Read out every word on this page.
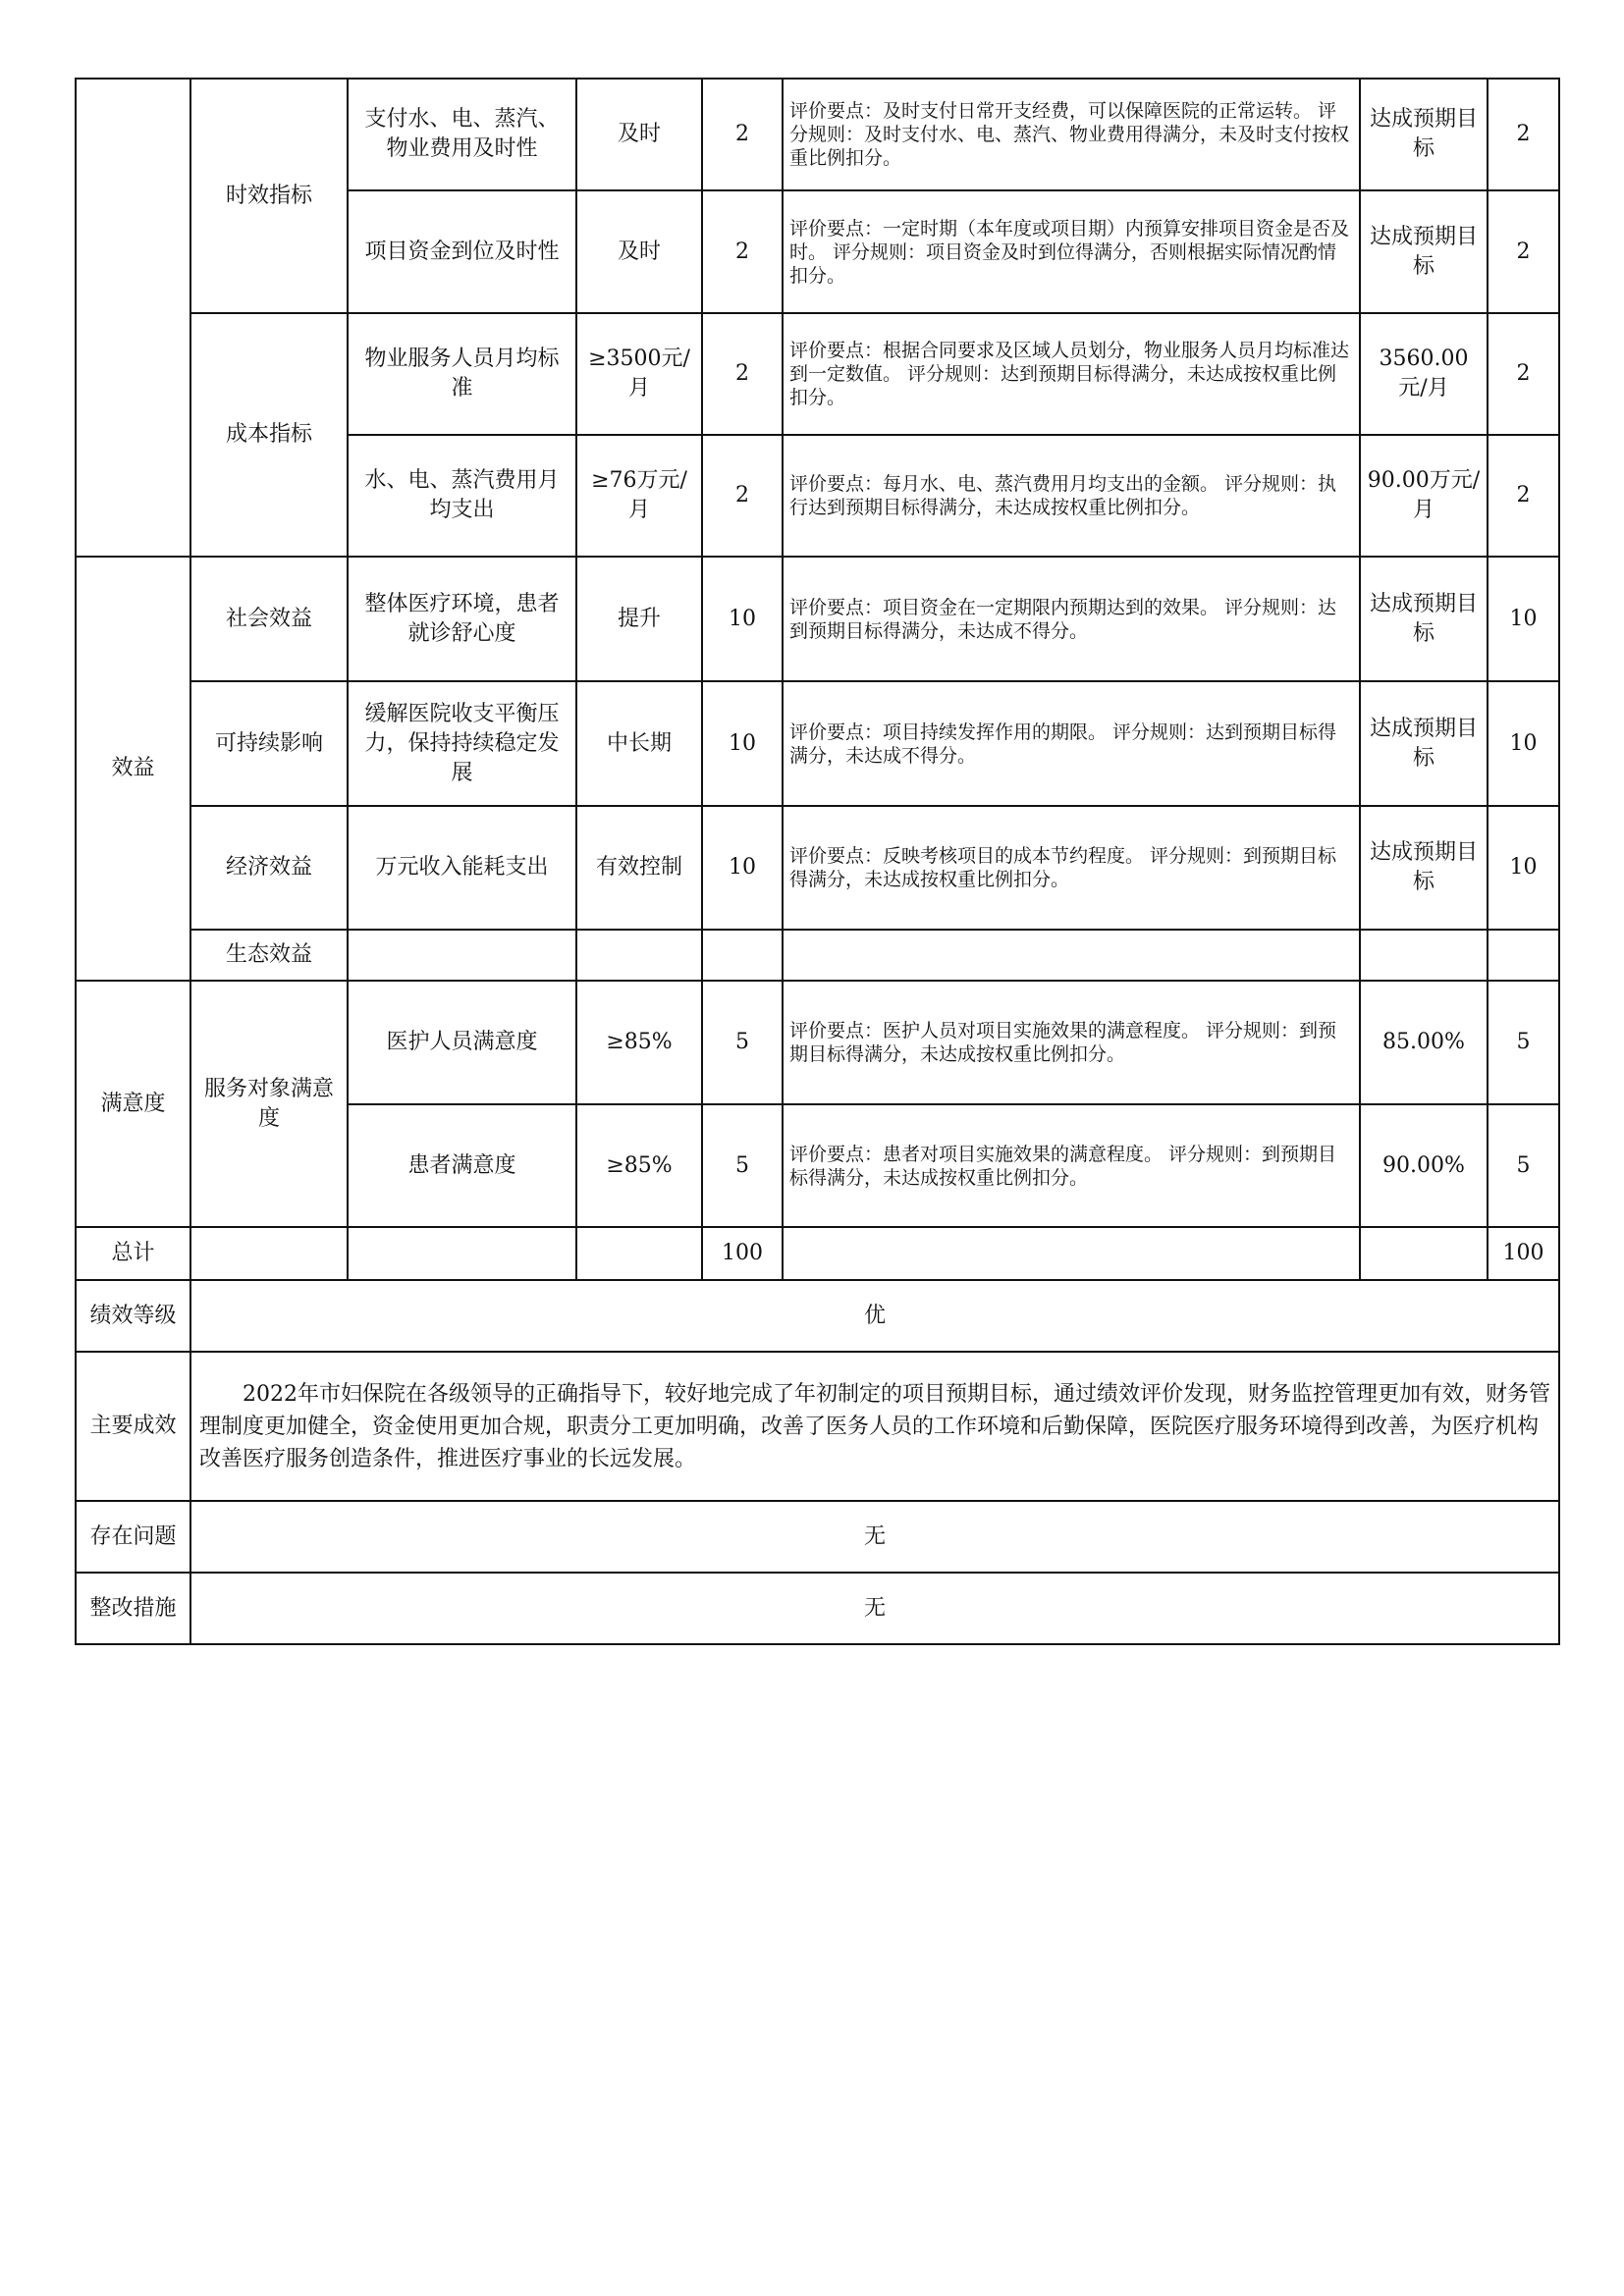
	时效指标	支付水、电、蒸汽、物业费用及时性	及时	2	评价要点：及时支付日常开支经费，可以保障医院的正常运转。 评分规则：及时支付水、电、蒸汽、物业费用得满分，未及时支付按权重比例扣分。	达成预期目标	2
		项目资金到位及时性	及时	2	评价要点：一定时期（本年度或项目期）内预算安排项目资金是否及时。 评分规则：项目资金及时到位得满分，否则根据实际情况酌情扣分。	达成预期目标	2
	成本指标	物业服务人员月均标准	≥3500元/月	2	评价要点：根据合同要求及区域人员划分，物业服务人员月均标准达到一定数值。 评分规则：达到预期目标得满分，未达成按权重比例扣分。	3560.00元/月	2
		水、电、蒸汽费用月均支出	≥76万元/月	2	评价要点：每月水、电、蒸汽费用月均支出的金额。 评分规则：执行达到预期目标得满分，未达成按权重比例扣分。	90.00万元/月	2
效益	社会效益	整体医疗环境，患者就诊舒心度	提升	10	评价要点：项目资金在一定期限内预期达到的效果。 评分规则：达到预期目标得满分，未达成不得分。	达成预期目标	10
	可持续影响	缓解医院收支平衡压力，保持持续稳定发展	中长期	10	评价要点：项目持续发挥作用的期限。 评分规则：达到预期目标得满分，未达成不得分。	达成预期目标	10
	经济效益	万元收入能耗支出	有效控制	10	评价要点：反映考核项目的成本节约程度。 评分规则：到预期目标得满分，未达成按权重比例扣分。	达成预期目标	10
	生态效益						
满意度	服务对象满意度	医护人员满意度	≥85%	5	评价要点：医护人员对项目实施效果的满意程度。 评分规则：到预期目标得满分，未达成按权重比例扣分。	85.00%	5
		患者满意度	≥85%	5	评价要点：患者对项目实施效果的满意程度。 评分规则：到预期目标得满分，未达成按权重比例扣分。	90.00%	5
总计				100			100
绩效等级	优						
主要成效	2022年市妇保院在各级领导的正确指导下，较好地完成了年初制定的项目预期目标，通过绩效评价发现，财务监控管理更加有效，财务管理制度更加健全，资金使用更加合规，职责分工更加明确，改善了医务人员的工作环境和后勤保障，医院医疗服务环境得到改善，为医疗机构改善医疗服务创造条件，推进医疗事业的长远发展。						
存在问题	无						
整改措施	无						
